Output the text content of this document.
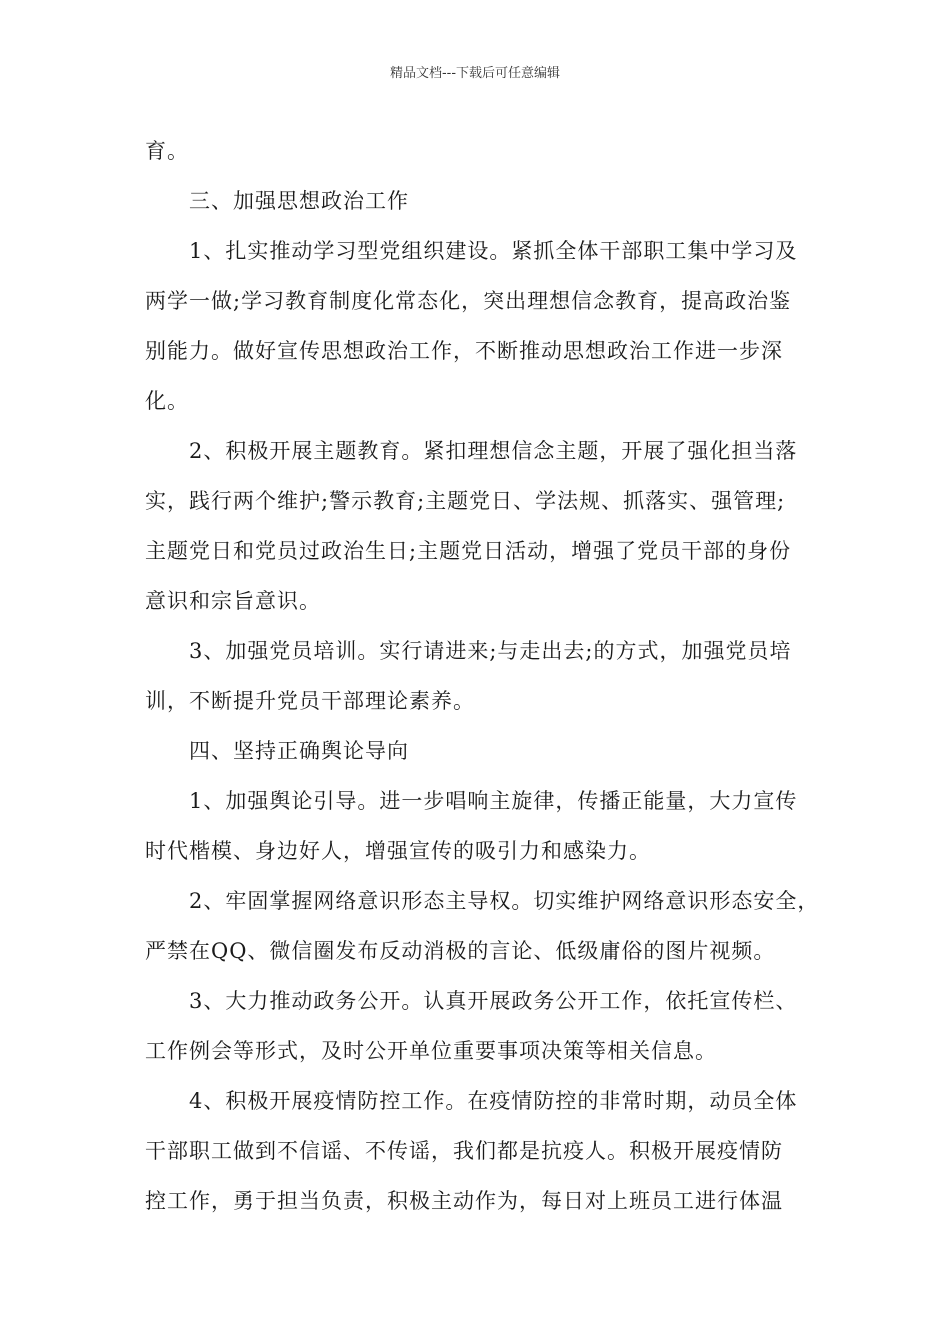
精品文档---下载后可任意编辑

育。

三、加强思想政治工作

1、扎实推动学习型党组织建设。紧抓全体干部职工集中学习及
两学一做;学习教育制度化常态化，突出理想信念教育，提高政治鉴
别能力。做好宣传思想政治工作，不断推动思想政治工作进一步深
化。

2、积极开展主题教育。紧扣理想信念主题，开展了强化担当落
实，践行两个维护;警示教育;主题党日、学法规、抓落实、强管理;
主题党日和党员过政治生日;主题党日活动，增强了党员干部的身份
意识和宗旨意识。

3、加强党员培训。实行请进来;与走出去;的方式，加强党员培
训，不断提升党员干部理论素养。

四、坚持正确舆论导向

1、加强舆论引导。进一步唱响主旋律，传播正能量，大力宣传
时代楷模、身边好人，增强宣传的吸引力和感染力。

2、牢固掌握网络意识形态主导权。切实维护网络意识形态安全，
严禁在QQ、微信圈发布反动消极的言论、低级庸俗的图片视频。

3、大力推动政务公开。认真开展政务公开工作，依托宣传栏、
工作例会等形式，及时公开单位重要事项决策等相关信息。

4、积极开展疫情防控工作。在疫情防控的非常时期，动员全体
干部职工做到不信谣、不传谣，我们都是抗疫人。积极开展疫情防
控工作，勇于担当负责，积极主动作为，每日对上班员工进行体温
